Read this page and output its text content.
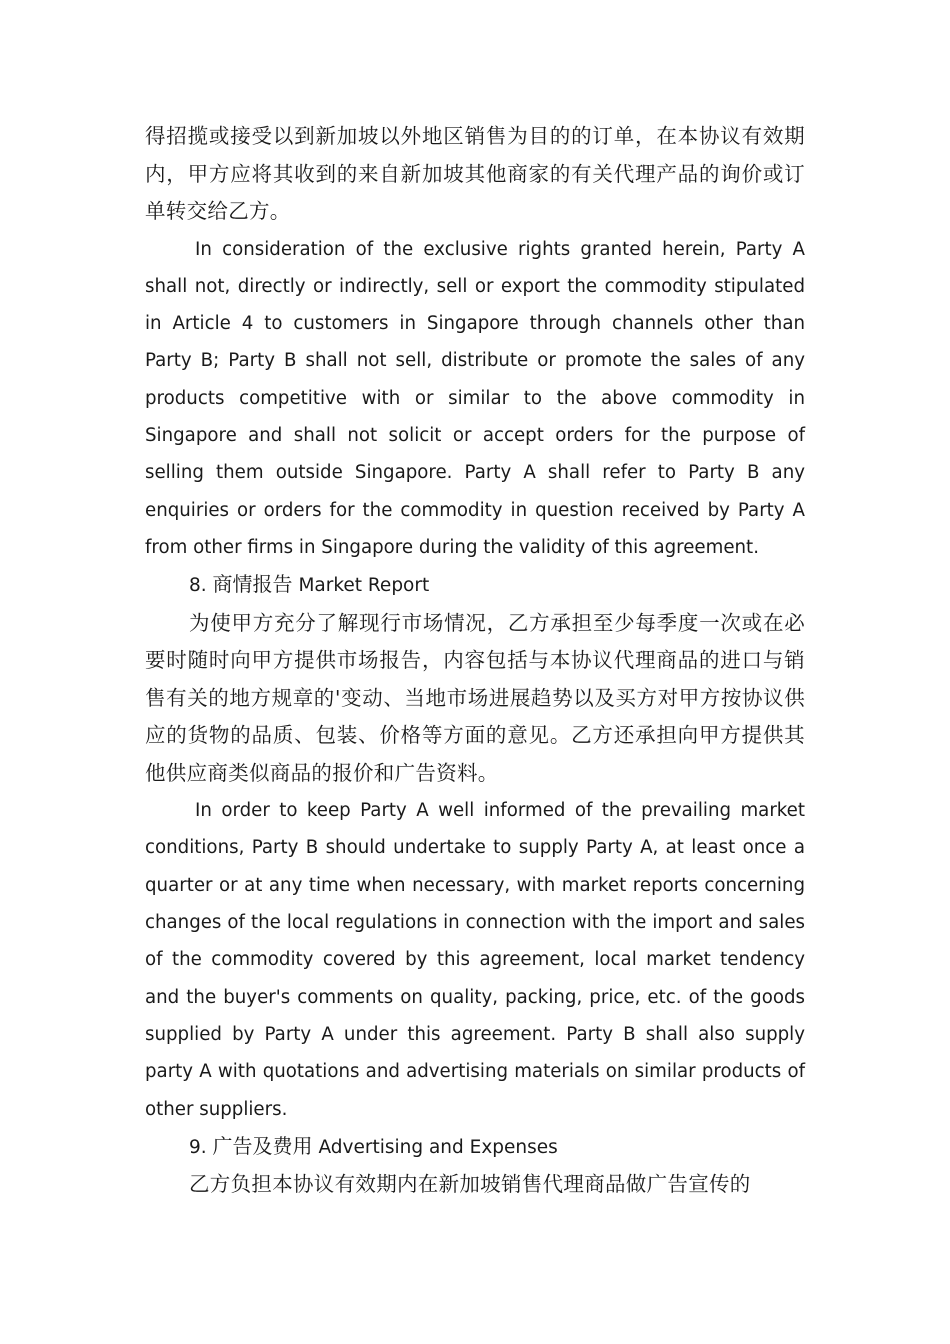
得招揽或接受以到新加坡以外地区销售为目的的订单，在本协议有效期内，甲方应将其收到的来自新加坡其他商家的有关代理产品的询价或订单转交给乙方。

In consideration of the exclusive rights granted herein, Party A shall not, directly or indirectly, sell or export the commodity stipulated in Article 4 to customers in Singapore through channels other than Party B; Party B shall not sell, distribute or promote the sales of any products competitive with or similar to the above commodity in Singapore and shall not solicit or accept orders for the purpose of selling them outside Singapore. Party A shall refer to Party B any enquiries or orders for the commodity in question received by Party A from other firms in Singapore during the validity of this agreement.

8. 商情报告 Market Report

为使甲方充分了解现行市场情况，乙方承担至少每季度一次或在必要时随时向甲方提供市场报告，内容包括与本协议代理商品的进口与销售有关的地方规章的'变动、当地市场进展趋势以及买方对甲方按协议供应的货物的品质、包装、价格等方面的意见。乙方还承担向甲方提供其他供应商类似商品的报价和广告资料。

In order to keep Party A well informed of the prevailing market conditions, Party B should undertake to supply Party A, at least once a quarter or at any time when necessary, with market reports concerning changes of the local regulations in connection with the import and sales of the commodity covered by this agreement, local market tendency and the buyer's comments on quality, packing, price, etc. of the goods supplied by Party A under this agreement. Party B shall also supply party A with quotations and advertising materials on similar products of other suppliers.

9. 广告及费用 Advertising and Expenses

乙方负担本协议有效期内在新加坡销售代理商品做广告宣传的
